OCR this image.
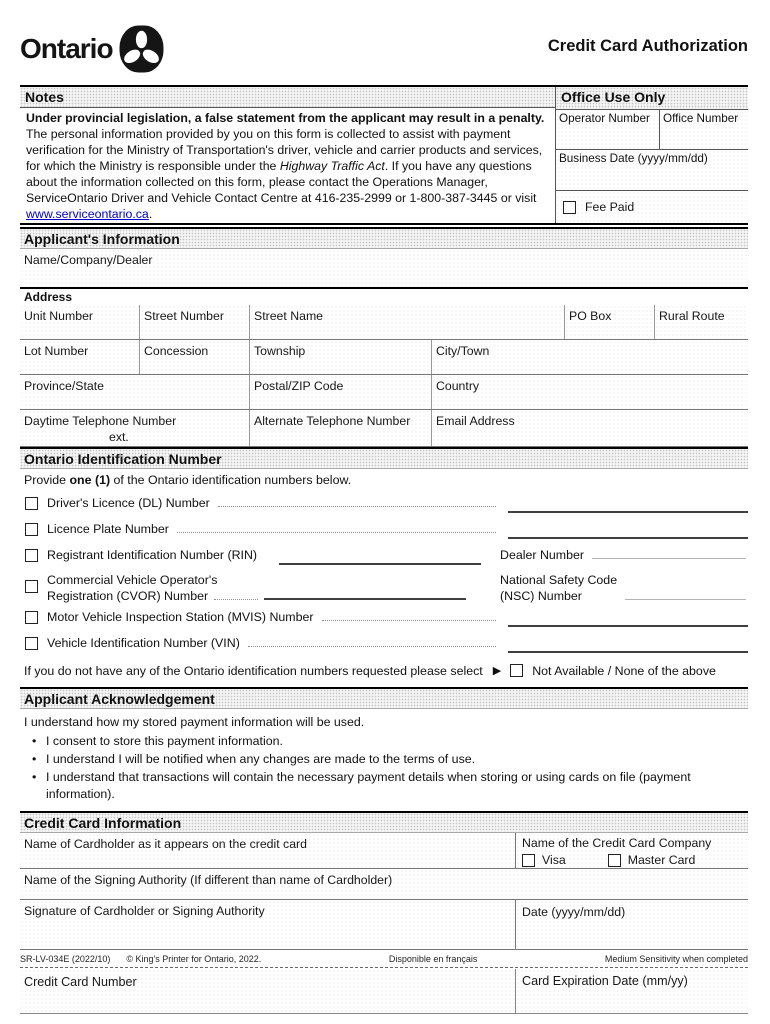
Ontario	Credit Card Authorization
Notes

Under provincial legislation, a false statement from the applicant may result in a penalty. The personal information provided by you on this form is collected to assist with payment verification for the Ministry of Transportation's driver, vehicle and carrier products and services, for which the Ministry is responsible under the Highway Traffic Act. If you have any questions about the information collected on this form, please contact the Operations Manager, ServiceOntario Driver and Vehicle Contact Centre at 416-235-2999 or 1-800-387-3445 or visit www.serviceontario.ca.

Office Use Only
Operator Number	Office Number
Business Date (yyyy/mm/dd)
Fee Paid
Applicant's Information
Name/Company/Dealer
Address
Unit Number	Street Number	Street Name	PO Box	Rural Route
Lot Number	Concession	Township	City/Town
Province/State	Postal/ZIP Code	Country
Daytime Telephone Number
ext.
Alternate Telephone Number	Email Address
Ontario Identification Number
Provide one (1) of the Ontario identification numbers below.
Driver's Licence (DL) Number
Licence Plate Number
Registrant Identification Number (RIN)	Dealer Number
Commercial Vehicle Operator's
Registration (CVOR) Number
National Safety Code
(NSC) Number
Motor Vehicle Inspection Station (MVIS) Number
Vehicle Identification Number (VIN)
If you do not have any of the Ontario identification numbers requested please select ▶	Not Available / None of the above
Applicant Acknowledgement
I understand how my stored payment information will be used.
• I consent to store this payment information.
• I understand I will be notified when any changes are made to the terms of use.
• I understand that transactions will contain the necessary payment details when storing or using cards on file (payment information).
Credit Card Information
Name of Cardholder as it appears on the credit card	Name of the Credit Card Company
Visa	Master Card
Name of the Signing Authority (If different than name of Cardholder)
Signature of Cardholder or Signing Authority	Date (yyyy/mm/dd)
SR-LV-034E (2022/10) © King's Printer for Ontario, 2022.	Disponible en français	Medium Sensitivity when completed
Credit Card Number	Card Expiration Date (mm/yy)
